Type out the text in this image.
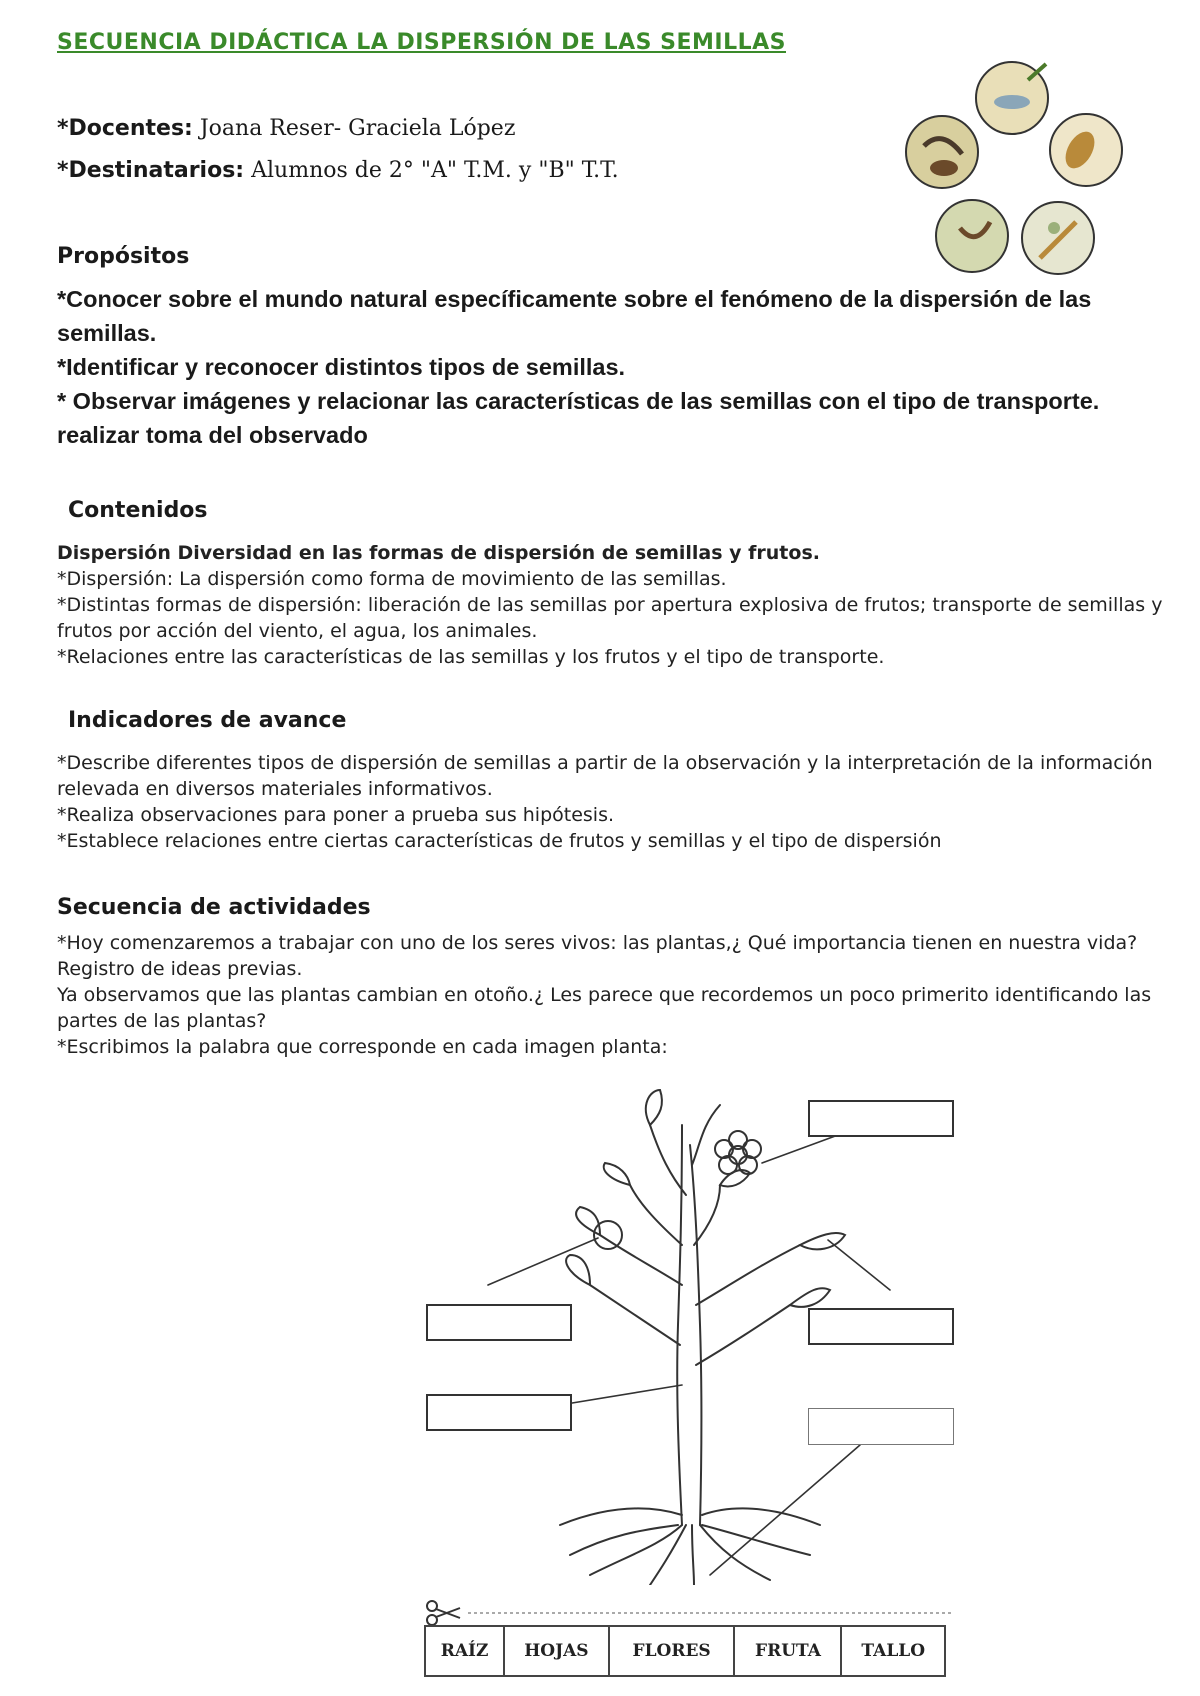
SECUENCIA DIDÁCTICA LA DISPERSIÓN DE LAS SEMILLAS
*Docentes: Joana Reser- Graciela López
*Destinatarios: Alumnos de 2° "A" T.M. y "B" T.T.
Propósitos
*Conocer sobre el mundo natural específicamente sobre el fenómeno de la dispersión de las semillas.
*Identificar y reconocer distintos tipos de semillas.
* Observar imágenes y relacionar las características de las semillas con el tipo de transporte.
realizar toma del observado
Contenidos
Dispersión Diversidad en las formas de dispersión de semillas y frutos.
*Dispersión: La dispersión como forma de movimiento de las semillas.
*Distintas formas de dispersión: liberación de las semillas por apertura explosiva de frutos; transporte de semillas y frutos por acción del viento, el agua, los animales.
*Relaciones entre las características de las semillas y los frutos y el tipo de transporte.
Indicadores de avance
*Describe diferentes tipos de dispersión de semillas a partir de la observación y la interpretación de la información relevada en diversos materiales informativos.
*Realiza observaciones para poner a prueba sus hipótesis.
*Establece relaciones entre ciertas características de frutos y semillas y el tipo de dispersión
Secuencia de actividades
*Hoy comenzaremos a trabajar con uno de los seres vivos: las plantas,¿ Qué importancia tienen en nuestra vida? Registro de ideas previas.
Ya observamos que las plantas cambian en otoño.¿ Les parece que recordemos un poco primerito identificando las partes de las plantas?
*Escribimos la palabra que corresponde en cada imagen planta:
RAÍZ	HOJAS	FLORES	FRUTA	TALLO
